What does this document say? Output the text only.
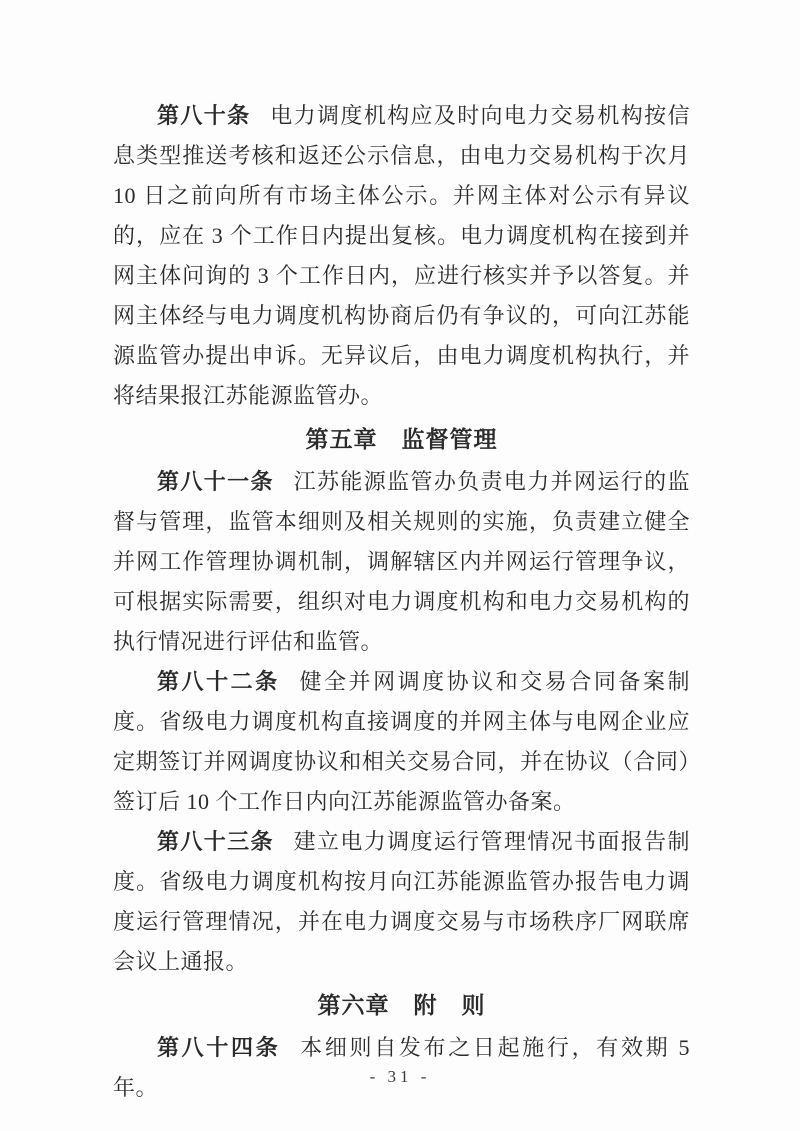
第八十条 电力调度机构应及时向电力交易机构按信息类型推送考核和返还公示信息，由电力交易机构于次月 10 日之前向所有市场主体公示。并网主体对公示有异议的，应在 3 个工作日内提出复核。电力调度机构在接到并网主体问询的 3 个工作日内，应进行核实并予以答复。并网主体经与电力调度机构协商后仍有争议的，可向江苏能源监管办提出申诉。无异议后，由电力调度机构执行，并将结果报江苏能源监管办。

第五章　监督管理

第八十一条 江苏能源监管办负责电力并网运行的监督与管理，监管本细则及相关规则的实施，负责建立健全并网工作管理协调机制，调解辖区内并网运行管理争议，可根据实际需要，组织对电力调度机构和电力交易机构的执行情况进行评估和监管。

第八十二条 健全并网调度协议和交易合同备案制度。省级电力调度机构直接调度的并网主体与电网企业应定期签订并网调度协议和相关交易合同，并在协议（合同）签订后 10 个工作日内向江苏能源监管办备案。

第八十三条 建立电力调度运行管理情况书面报告制度。省级电力调度机构按月向江苏能源监管办报告电力调度运行管理情况，并在电力调度交易与市场秩序厂网联席会议上通报。

第六章　附　则

第八十四条 本细则自发布之日起施行，有效期 5 年。	- 31 -
